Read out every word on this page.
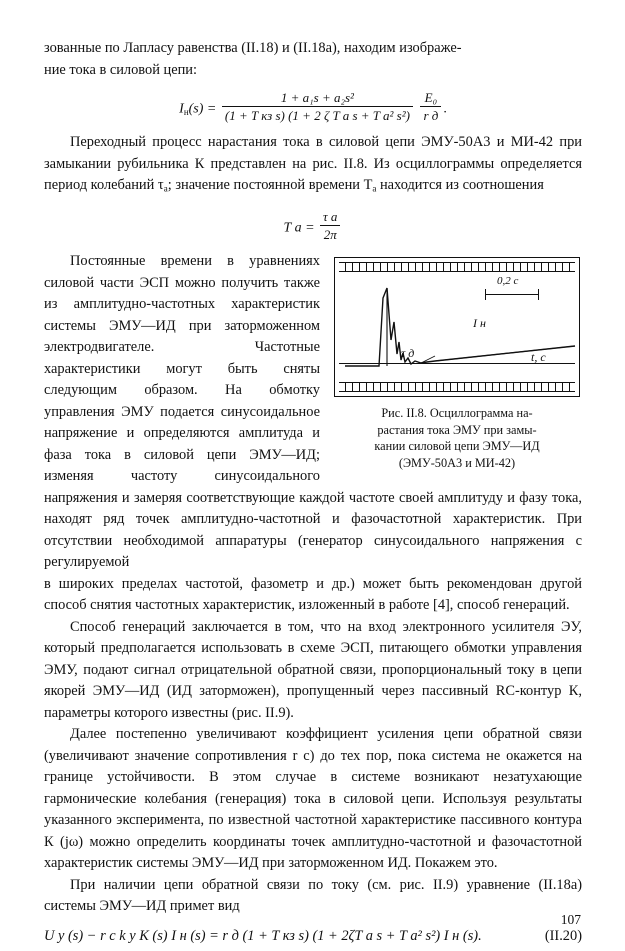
зованные по Лапласу равенства (II.18) и (II.18a), находим изображе-
ние тока в силовой цепи:

$I_н(s) = \frac{\text{1 + a₁s + a₂s²}}{\text{(1 + T кз s) (1 + 2 ζ T a s + T a² s²)}}$
$\frac{\text{E₀}}{\text{r д}}$ .

Переходный процесс нарастания тока в силовой цепи ЭМУ-50А3 и МИ-42 при замыкании рубильника К представлен на рис. II.8. Из осциллограммы определяется период колебаний $\tau_a$; значение постоянной времени $T_a$ находится из соотношения

T $a = \frac{\text{τ a}}{2\pi}$
0,2 с
I н
τ д	t, с
Рис. II.8. Осциллограмма на-
растания тока ЭМУ при замы-
кании силовой цепи ЭМУ—ИД
(ЭМУ-50А3 и МИ-42)

Постоянные времени в уравнениях силовой части ЭСП можно получить также из амплитудно-частотных характеристик системы ЭМУ—ИД при заторможенном электродвигателе. Частотные характеристики могут быть сняты следующим образом. На обмотку управления ЭМУ подается синусоидальное напряжение и определяются амплитуда и фаза тока в силовой цепи ЭМУ—ИД; изменяя частоту синусоидального напряжения и замеряя соответствующие каждой частоте своей амплитуду и фазу тока, находят ряд точек амплитудно-частотной и фазочастотной характеристик. При отсутствии необходимой аппаратуры (генератор синусоидального напряжения с регулируемой

в широких пределах частотой, фазометр и др.) может быть рекомендован другой способ снятия частотных характеристик, изложенный в работе [4], способ генераций.

Способ генераций заключается в том, что на вход электронного усилителя ЭУ, который предполагается использовать в схеме ЭСП, питающего обмотки управления ЭМУ, подают сигнал отрицательной обратной связи, пропорциональный току в цепи якорей ЭМУ—ИД (ИД заторможен), пропущенный через пассивный RC-контур К, параметры которого известны (рис. II.9).

Далее постепенно увеличивают коэффициент усиления цепи обратной связи (увеличивают значение сопротивления r с) до тех пор, пока система не окажется на границе устойчивости. В этом случае в системе возникают незатухающие гармонические колебания (генерация) тока в силовой цепи. Используя результаты указанного эксперимента, по известной частотной характеристике пассивного контура К (jω) можно определить координаты точек амплитудно-частотной и фазочастотной характеристик системы ЭМУ—ИД при заторможенном ИД. Покажем это.

При наличии цепи обратной связи по току (см. рис. II.9) уравнение (II.18a) системы ЭМУ—ИД примет вид

(II.20)
U у (s) − r c k y K (s) I н (s) = r д (1 + T кз s) (1 + 2ζT a s + T a² s²) I н (s).
107
